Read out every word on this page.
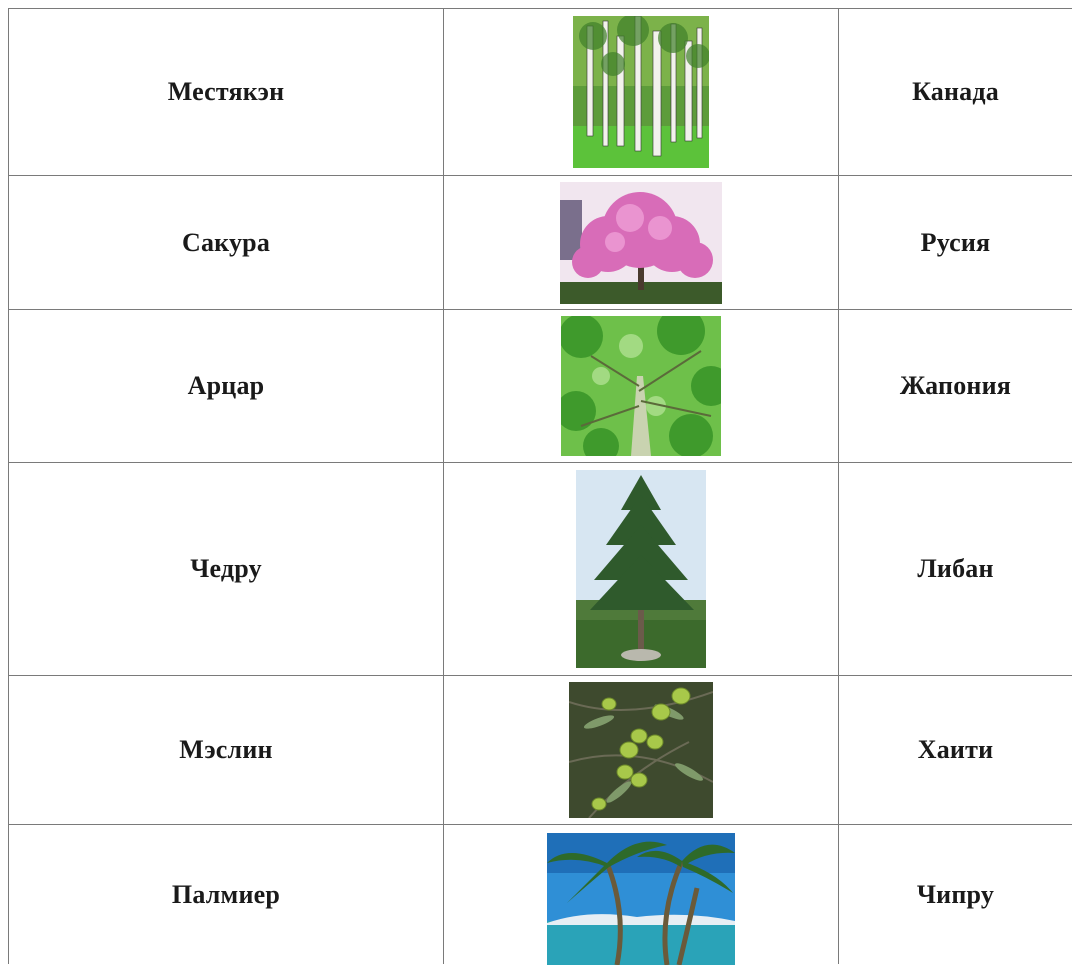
Местякэн	Канада
Сакура	Русия
Арцар	Жапония
Чедру	Либан
Мэслин	Хаити
Палмиер	Чипру
